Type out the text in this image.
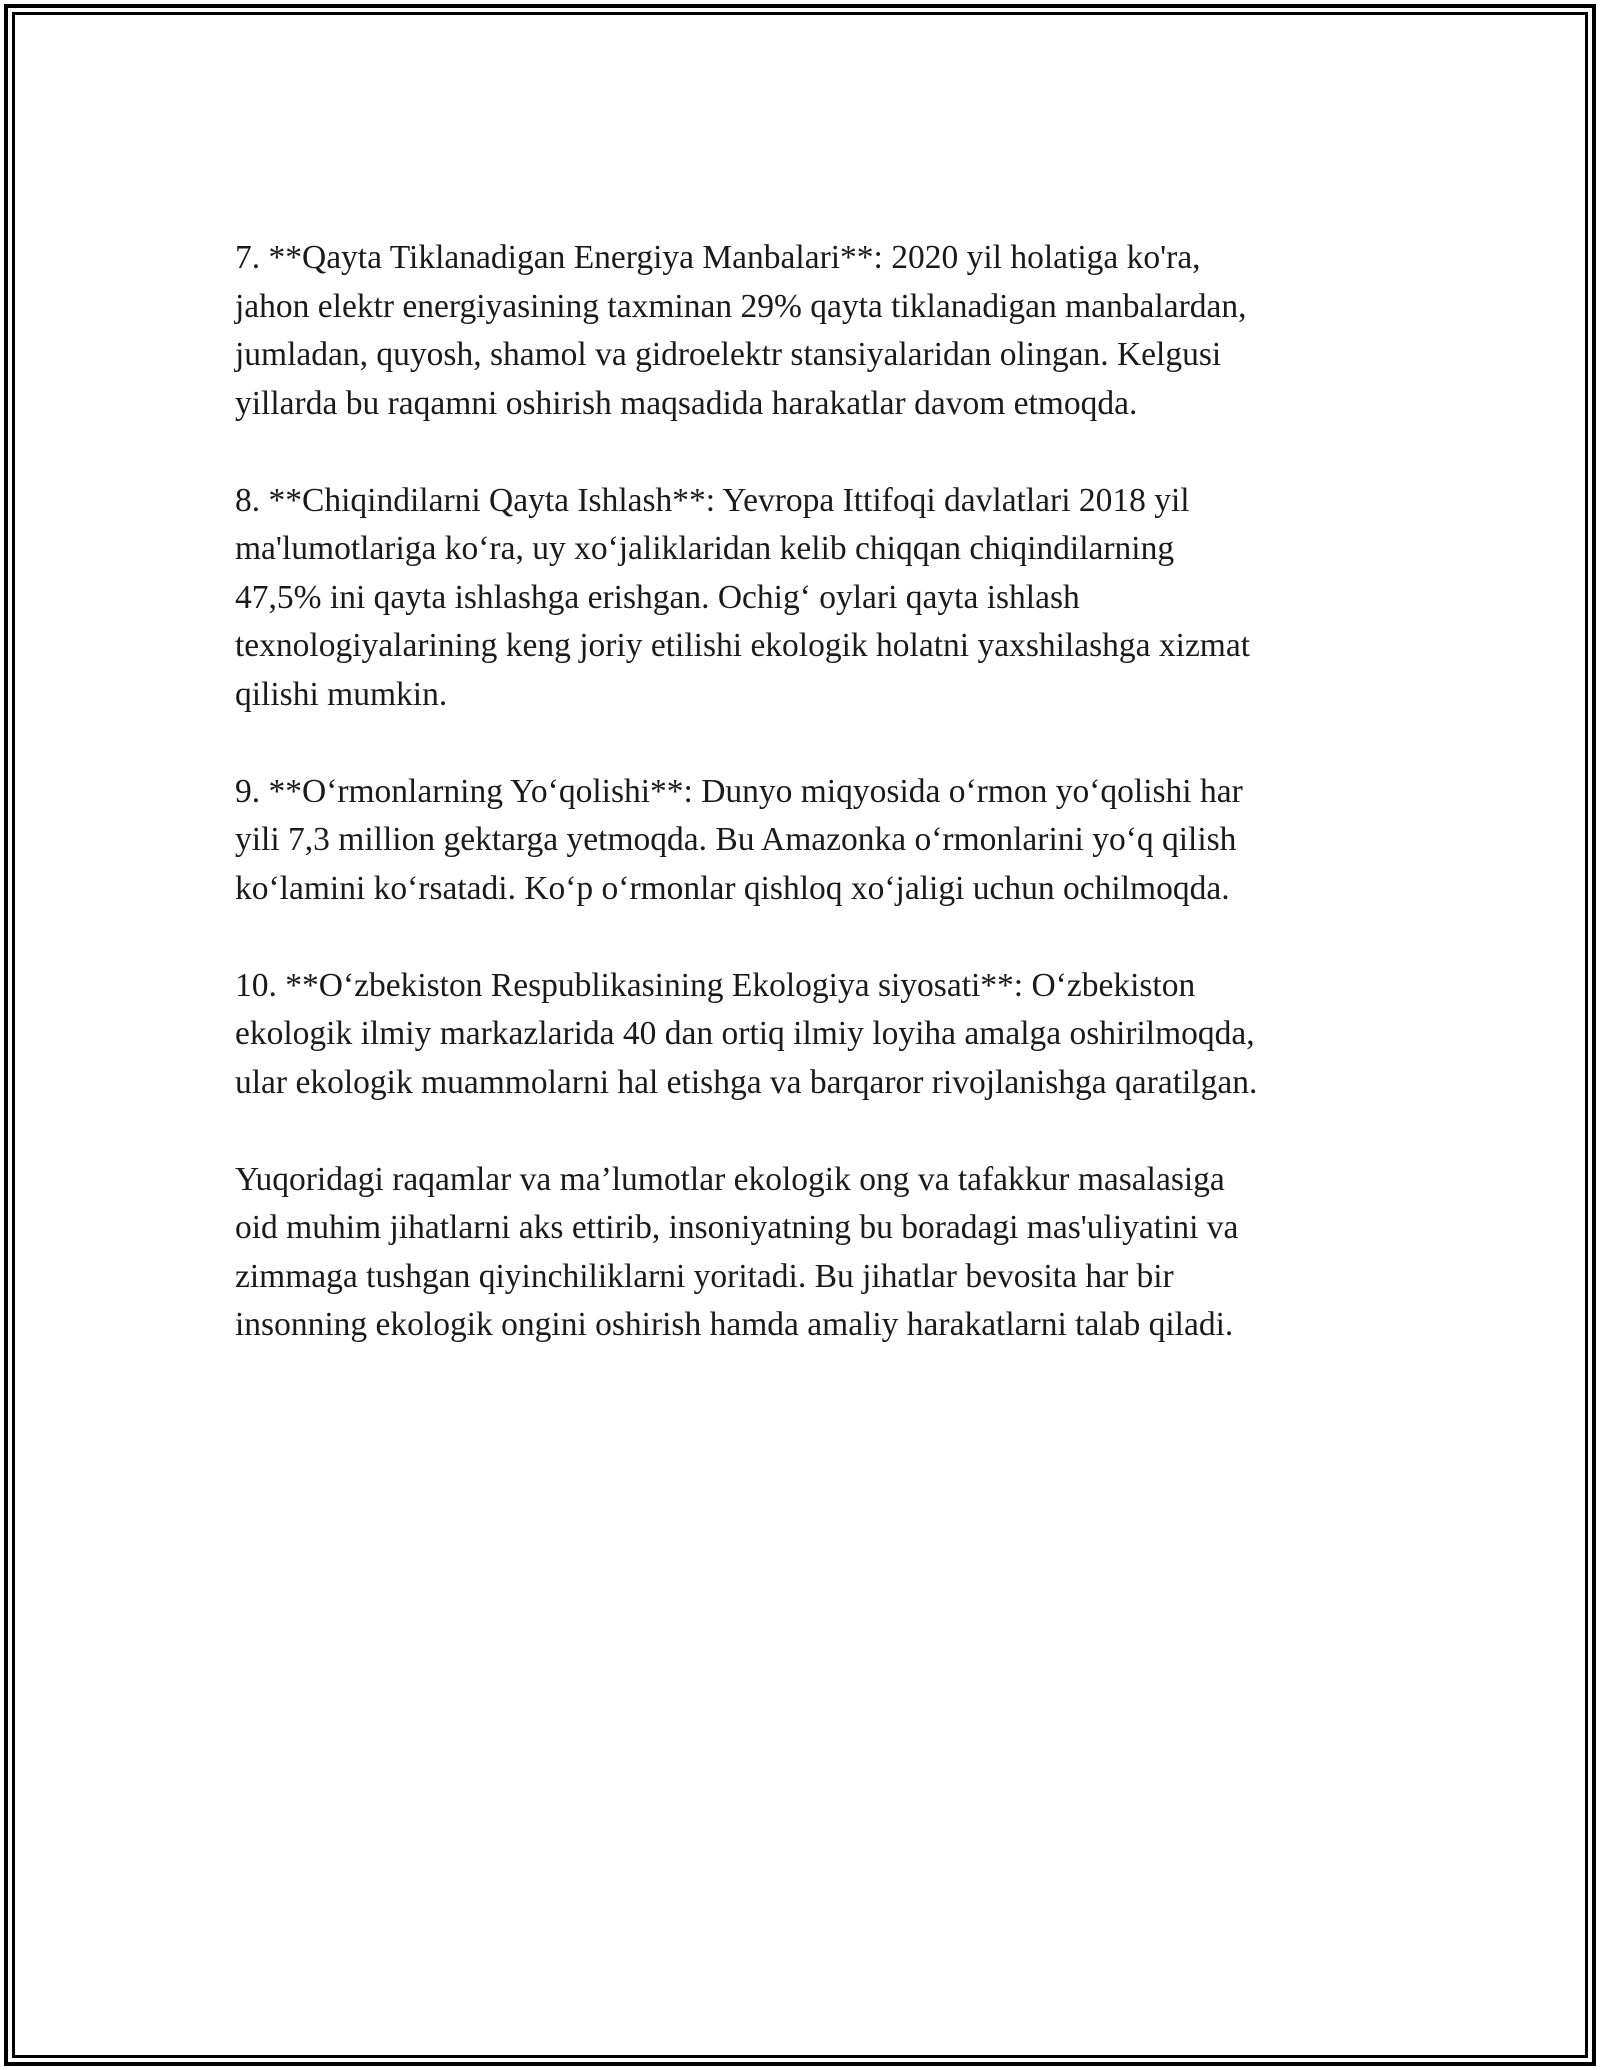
7. **Qayta Tiklanadigan Energiya Manbalari**: 2020 yil holatiga ko'ra,
jahon elektr energiyasining taxminan 29% qayta tiklanadigan manbalardan,
jumladan, quyosh, shamol va gidroelektr stansiyalaridan olingan. Kelgusi
yillarda bu raqamni oshirish maqsadida harakatlar davom etmoqda.

8. **Chiqindilarni Qayta Ishlash**: Yevropa Ittifoqi davlatlari 2018 yil
ma'lumotlariga ko‘ra, uy xo‘jaliklaridan kelib chiqqan chiqindilarning
47,5% ini qayta ishlashga erishgan. Ochig‘ oylari qayta ishlash
texnologiyalarining keng joriy etilishi ekologik holatni yaxshilashga xizmat
qilishi mumkin.

9. **O‘rmonlarning Yo‘qolishi**: Dunyo miqyosida o‘rmon yo‘qolishi har
yili 7,3 million gektarga yetmoqda. Bu Amazonka o‘rmonlarini yo‘q qilish
ko‘lamini ko‘rsatadi. Ko‘p o‘rmonlar qishloq xo‘jaligi uchun ochilmoqda.

10. **O‘zbekiston Respublikasining Ekologiya siyosati**: O‘zbekiston
ekologik ilmiy markazlarida 40 dan ortiq ilmiy loyiha amalga oshirilmoqda,
ular ekologik muammolarni hal etishga va barqaror rivojlanishga qaratilgan.

Yuqoridagi raqamlar va ma’lumotlar ekologik ong va tafakkur masalasiga
oid muhim jihatlarni aks ettirib, insoniyatning bu boradagi mas'uliyatini va
zimmaga tushgan qiyinchiliklarni yoritadi. Bu jihatlar bevosita har bir
insonning ekologik ongini oshirish hamda amaliy harakatlarni talab qiladi.
